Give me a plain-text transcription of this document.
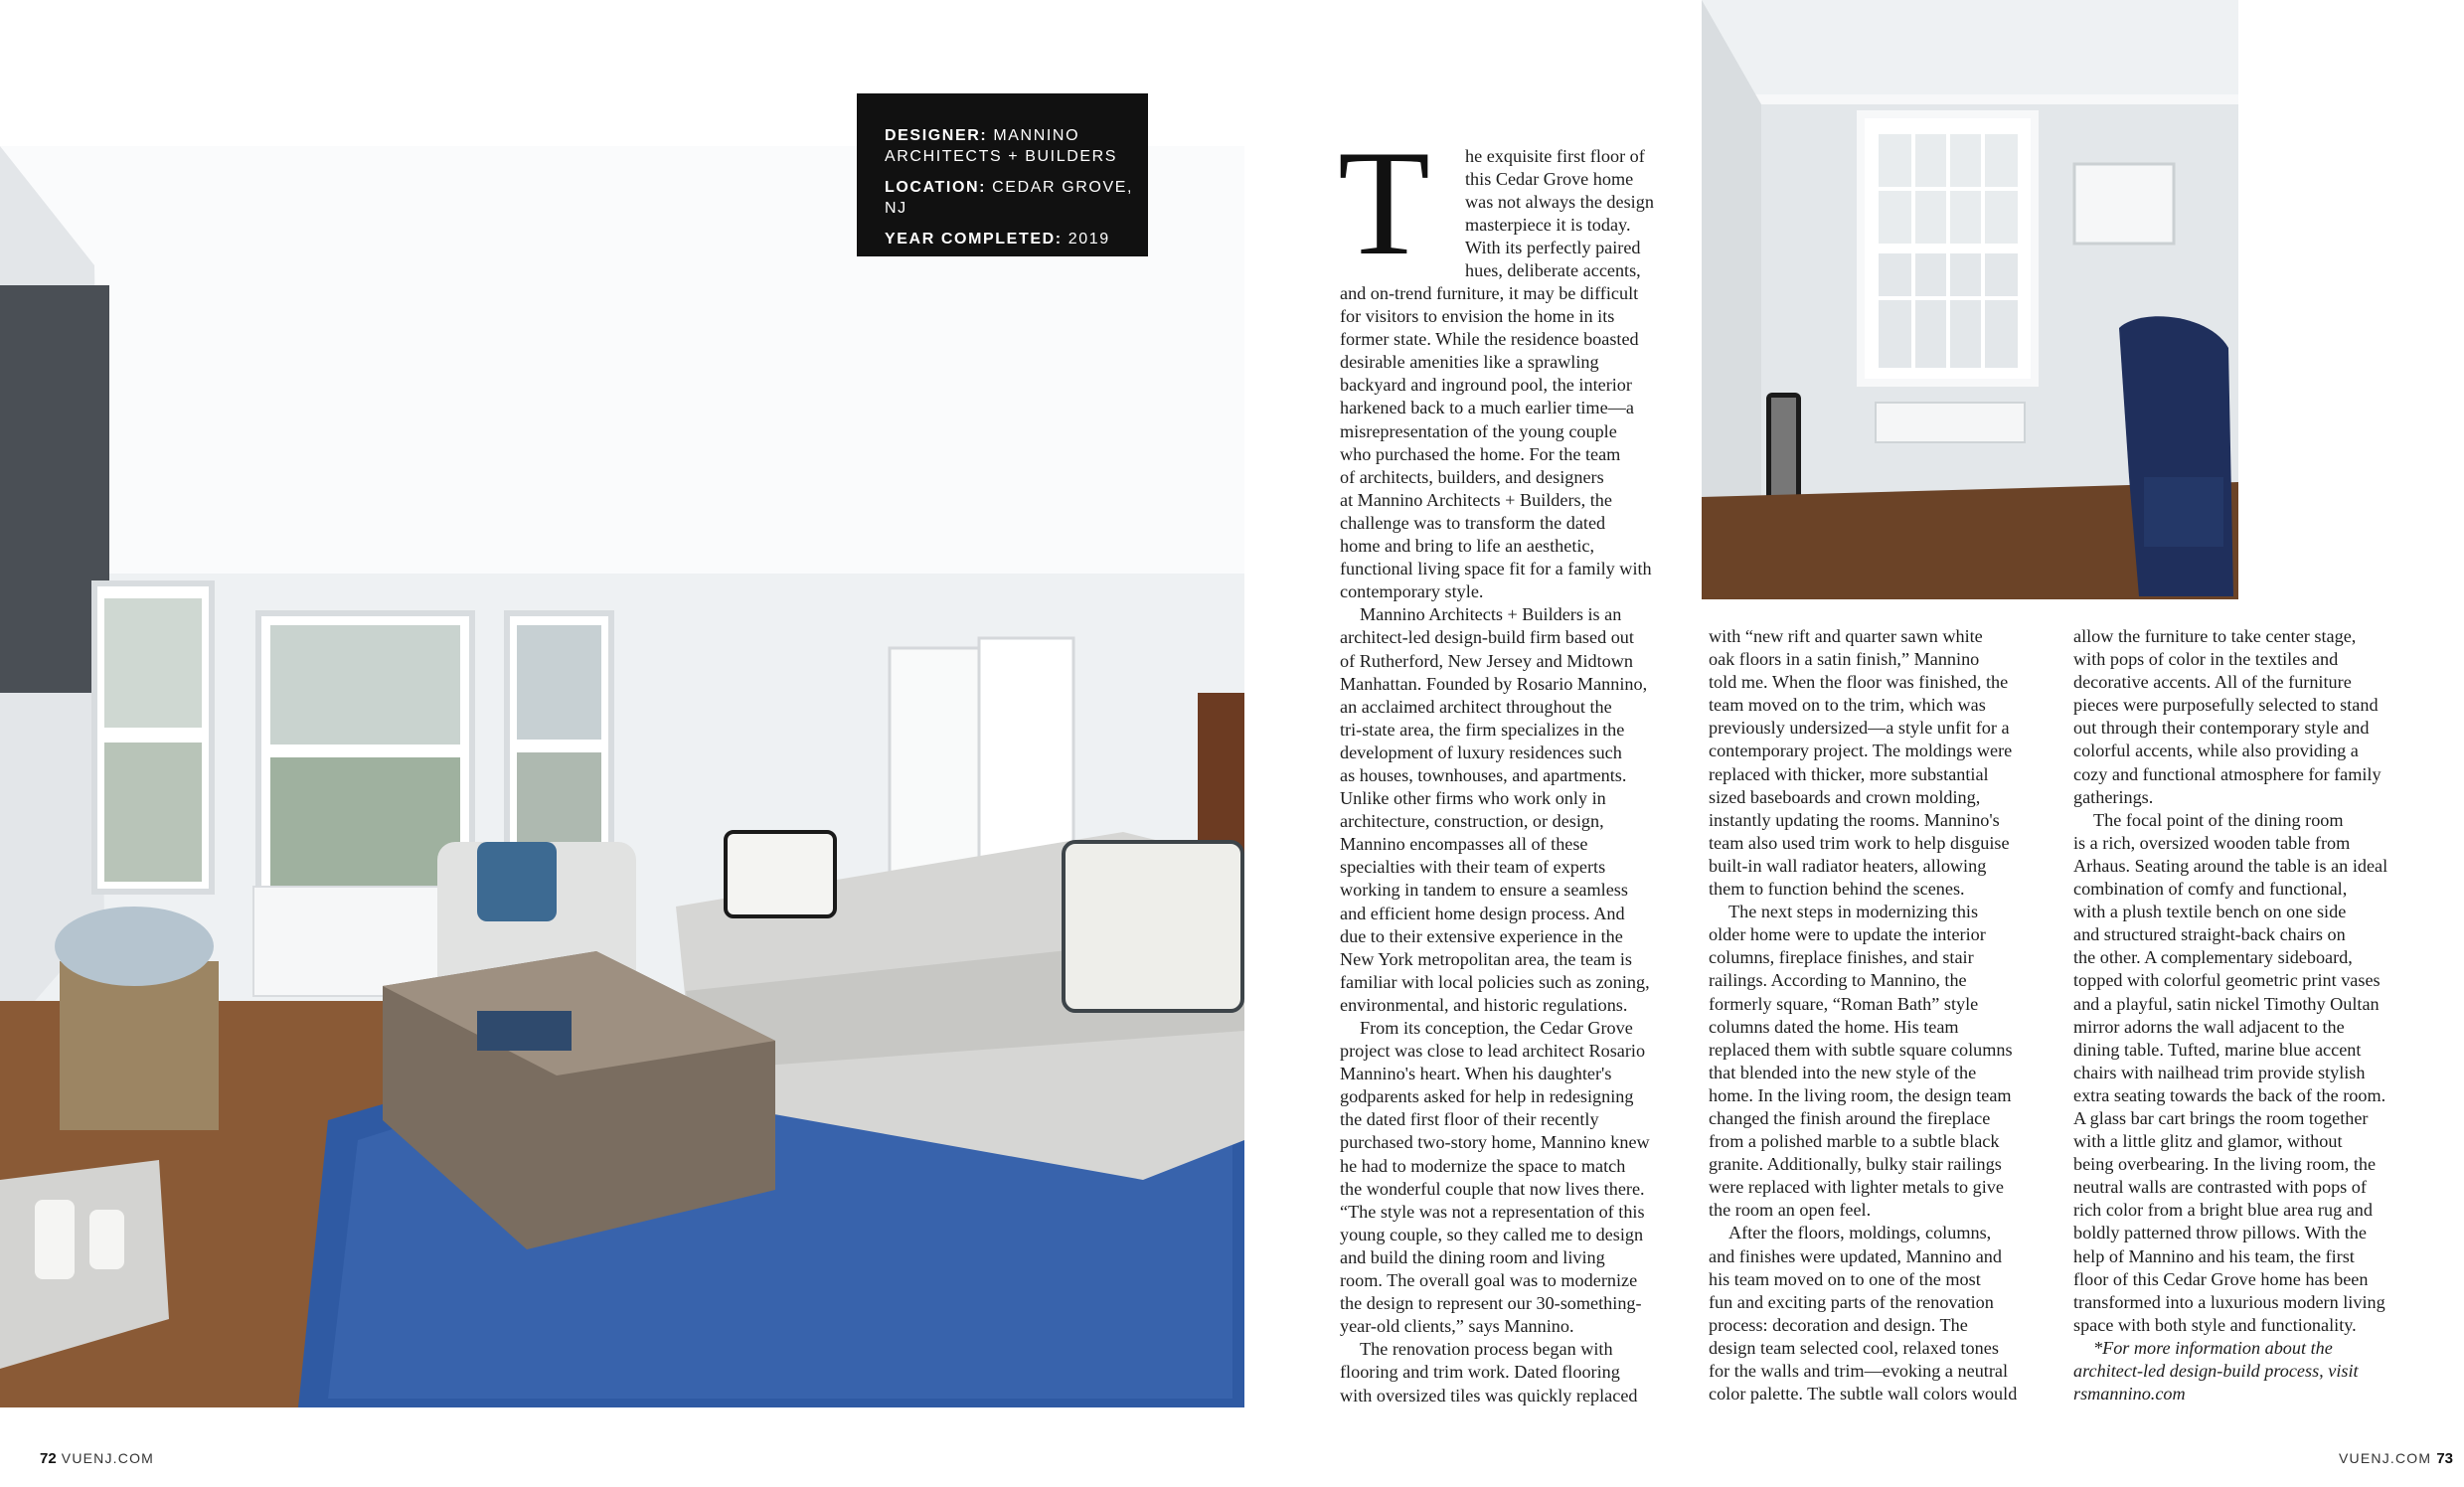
DESIGNER: MANNINO
ARCHITECTS + BUILDERS
LOCATION: CEDAR GROVE, NJ
YEAR COMPLETED: 2019 T he exquisite first floor of
this Cedar Grove home
was not always the design
masterpiece it is today.
With its perfectly paired
hues, deliberate accents,
and on-trend furniture, it may be difficult
for visitors to envision the home in its
former state. While the residence boasted
desirable amenities like a sprawling
backyard and inground pool, the interior
harkened back to a much earlier time—a
misrepresentation of the young couple
who purchased the home. For the team
of architects, builders, and designers
at Mannino Architects + Builders, the
challenge was to transform the dated
home and bring to life an aesthetic,
functional living space fit for a family with
contemporary style.
Mannino Architects + Builders is an
architect-led design-build firm based out
of Rutherford, New Jersey and Midtown
Manhattan. Founded by Rosario Mannino,
an acclaimed architect throughout the
tri-state area, the firm specializes in the
development of luxury residences such
as houses, townhouses, and apartments.
Unlike other firms who work only in
architecture, construction, or design,
Mannino encompasses all of these
specialties with their team of experts
working in tandem to ensure a seamless
and efficient home design process. And
due to their extensive experience in the
New York metropolitan area, the team is
familiar with local policies such as zoning,
environmental, and historic regulations.
From its conception, the Cedar Grove
project was close to lead architect Rosario
Mannino's heart. When his daughter's
godparents asked for help in redesigning
the dated first floor of their recently
purchased two-story home, Mannino knew
he had to modernize the space to match
the wonderful couple that now lives there.
“The style was not a representation of this
young couple, so they called me to design
and build the dining room and living
room. The overall goal was to modernize
the design to represent our 30-something-
year-old clients,” says Mannino.
The renovation process began with
flooring and trim work. Dated flooring
with oversized tiles was quickly replaced
with “new rift and quarter sawn white
oak floors in a satin finish,” Mannino
told me. When the floor was finished, the
team moved on to the trim, which was
previously undersized—a style unfit for a
contemporary project. The moldings were
replaced with thicker, more substantial
sized baseboards and crown molding,
instantly updating the rooms. Mannino's
team also used trim work to help disguise
built-in wall radiator heaters, allowing
them to function behind the scenes.
The next steps in modernizing this
older home were to update the interior
columns, fireplace finishes, and stair
railings. According to Mannino, the
formerly square, “Roman Bath” style
columns dated the home. His team
replaced them with subtle square columns
that blended into the new style of the
home. In the living room, the design team
changed the finish around the fireplace
from a polished marble to a subtle black
granite. Additionally, bulky stair railings
were replaced with lighter metals to give
the room an open feel.
After the floors, moldings, columns,
and finishes were updated, Mannino and
his team moved on to one of the most
fun and exciting parts of the renovation
process: decoration and design. The
design team selected cool, relaxed tones
for the walls and trim—evoking a neutral
color palette. The subtle wall colors would
allow the furniture to take center stage,
with pops of color in the textiles and
decorative accents. All of the furniture
pieces were purposefully selected to stand
out through their contemporary style and
colorful accents, while also providing a
cozy and functional atmosphere for family
gatherings.
The focal point of the dining room
is a rich, oversized wooden table from
Arhaus. Seating around the table is an ideal
combination of comfy and functional,
with a plush textile bench on one side
and structured straight-back chairs on
the other. A complementary sideboard,
topped with colorful geometric print vases
and a playful, satin nickel Timothy Oultan
mirror adorns the wall adjacent to the
dining table. Tufted, marine blue accent
chairs with nailhead trim provide stylish
extra seating towards the back of the room.
A glass bar cart brings the room together
with a little glitz and glamor, without
being overbearing. In the living room, the
neutral walls are contrasted with pops of
rich color from a bright blue area rug and
boldly patterned throw pillows. With the
help of Mannino and his team, the first
floor of this Cedar Grove home has been
transformed into a luxurious modern living
space with both style and functionality.
*For more information about the
architect-led design-build process, visit
rsmannino.com
72 VUENJ.COM	VUENJ.COM 73
